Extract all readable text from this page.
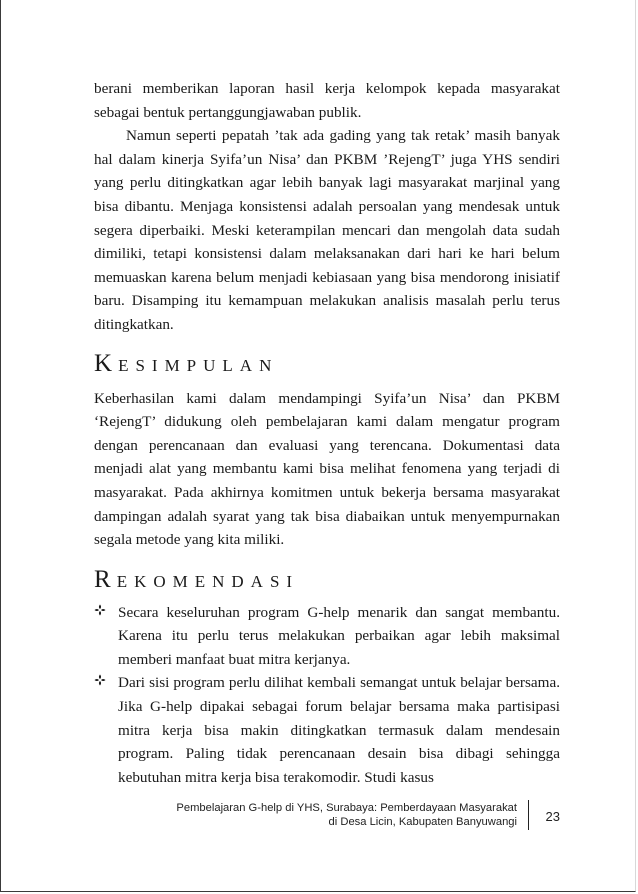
berani memberikan laporan hasil kerja kelompok kepada masyarakat sebagai bentuk pertanggungjawaban publik.

Namun seperti pepatah ’tak ada gading yang tak retak’ masih banyak hal dalam kinerja Syifa’un Nisa’ dan PKBM ’RejengT’ juga YHS sendiri yang perlu ditingkatkan agar lebih banyak lagi masyarakat marjinal yang bisa dibantu. Menjaga konsistensi adalah persoalan yang mendesak untuk segera diperbaiki. Meski keterampilan mencari dan mengolah data sudah dimiliki, tetapi konsistensi dalam melaksanakan dari hari ke hari belum memuaskan karena belum menjadi kebiasaan yang bisa mendorong inisiatif baru. Disamping itu kemampuan melakukan analisis masalah perlu terus ditingkatkan.

KESIMPULAN

Keberhasilan kami dalam mendampingi Syifa’un Nisa’ dan PKBM ‘RejengT’ didukung oleh pembelajaran kami dalam mengatur program dengan perencanaan dan evaluasi yang terencana. Dokumentasi data menjadi alat yang membantu kami bisa melihat fenomena yang terjadi di masyarakat. Pada akhirnya komitmen untuk bekerja bersama masyarakat dampingan adalah syarat yang tak bisa diabaikan untuk menyempurnakan segala metode yang kita miliki.

REKOMENDASI
Secara keseluruhan program G-help menarik dan sangat membantu. Karena itu perlu terus melakukan perbaikan agar lebih maksimal memberi manfaat buat mitra kerjanya.
Dari sisi program perlu dilihat kembali semangat untuk belajar bersama. Jika G-help dipakai sebagai forum belajar bersama maka partisipasi mitra kerja bisa makin ditingkatkan termasuk dalam mendesain program. Paling tidak perencanaan desain bisa dibagi sehingga kebutuhan mitra kerja bisa terakomodir. Studi kasus
Pembelajaran G-help di YHS, Surabaya: Pemberdayaan Masyarakat
di Desa Licin, Kabupaten Banyuwangi 23
